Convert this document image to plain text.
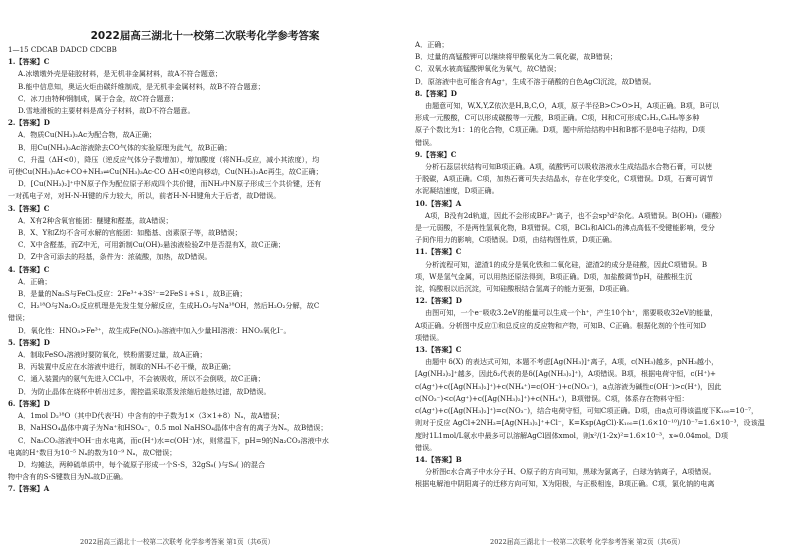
2022届高三湖北十一校第二次联考化学参考答案
1—15 CDCAB DADCD CDCBB
1.【答案】C
A.冰墩墩外壳是硅胶材料，是无机非金属材料，故A不符合题意；
B.能中信息知，奥运火炬由碳纤维制成，是无机非金属材料，故B不符合题意；
C．冰刀由特种钢制成，属于合金，故C符合题意；
D.雪地滑板的主要材料是高分子材料，故D不符合题意。
2.【答案】D
A．物质Cu(NH₃)₂Ac为配合物，故A正确；
B．用Cu(NH₃)₂Ac溶液除去CO气体的实验原理为此气，故B正确；
C．升温（ΔH<0），降压（逆反应气体分子数增加），增加酸度（将NH₃反应，减小其浓度），均
可使Cu(NH₃)₂Ac+CO+NH₃⇌Cu(NH₃)₃Ac·CO ΔH<0逆向移动，Cu(NH₃)₂Ac再生，故C正确；
D．[Cu(NH₃)₂]⁺中N原子作为配位原子形成四个共价键，而NH₃中N原子形成三个共价键，还有
一对孤电子对，对H-N-H键的斥力较大，所以，前者H-N-H键角大于后者，故D错误。
3.【答案】C
A．X有2种含氧官能团：醚键和醛基，故A错误；
B．X、Y和Z均不含可水解的官能团：如酯基、卤素原子等，故B错误；
C．X中含醛基，而Z中无，可用新制Cu(OH)₂悬浊液检验Z中是否混有X，故C正确；
D．Z中含可添去的羟基，条件为：浓硫酸，加热，故D错误。
4.【答案】C
A．正确；
B．是量的Na₂S与FeCl₃反应：2Fe³⁺+3S²⁻=2FeS↓+S↓，故B正确；
C．H₂¹⁸O与Na₂O₂反应机理是先发生复分解反应，生成H₂O₂与Na¹⁸OH，然后H₂O₂分解，故C
错误；
D．氧化性：HNO₃>Fe³⁺，故生成Fe(NO₃)₃溶液中加入少量HI溶液：HNO₃氧化I⁻。
5.【答案】D
A．制取FeSO₄溶液时要防氧化，铁粉需要过量，故A正确；
B．丙装置中反应在水溶液中进行，制取的NH₃不必干燥，故B正确；
C．通入装置内的氨气先进入CCl₄中，不会被吸收，所以不会倒吸，故C正确；
D．为防止晶体在烧杯中析出过多，需控温采取蒸发浓缩后趁热过滤，故D错误。
6.【答案】D
A．1mol D₂¹⁸O（其中D代表²H）中含有的中子数为1×（3×1+8）Nₐ，故A错误；
B．NaHSO₄晶体中离子为Na⁺和HSO₄⁻，0.5 mol NaHSO₄晶体中含有的离子为Nₐ，故B错误；
C．Na₂CO₃溶液中OH⁻由水电离，而c(H⁺)水=c(OH⁻)水，则常温下，pH=9的Na₂CO₃溶液中水
电离的H⁺数目为10⁻⁵ Nₐ的数为10⁻⁹ Nₐ，故C错误；
D．均摊法，两种硫单质中，每个硫原子形成一个S-S，32gS₈( )与S₆( )的混合
物中含有的S-S键数目为Nₐ故D正确。
7.【答案】A
A．正确；
B．过量的高锰酸钾可以继续将甲酸氧化为二氧化碳，故B错误；
C．双氧水被高锰酸钾氧化为氧气，故C错误；
D．原溶液中也可能含有Ag⁺，生成不溶于硝酸的白色AgCl沉淀，故D错误。
8.【答案】D
由题意可知，W,X,Y,Z依次是H,B,C,O，A项，原子半径B>C>O>H，A项正确。B项，B可以
形成一元酸酸，C可以形成碳酸等一元酸，B项正确。C项，H和C可形成C₂H₂,C₆H₆等多种
原子个数比为1：1的化合物，C项正确。D项，题中所给结构中H和B都不是8电子结构，D项
错误。
9.【答案】C
分析石蕊层状结构可知B项正确。A项，硫酸钙可以吸收溶液水生成结晶水合物石膏，可以使
于脱碳，A项正确。C项，加热石膏可失去结晶水，存在化学变化，C项错误。D项，石膏可调节
水泥凝结速度，D项正确。
10.【答案】A
A项，B没有2d轨道，因此不会形成BF₆³⁻离子，也不会sp³d²杂化。A项错误。B(OH)₃（硼酸）
是一元弱酸，不是两性氢氧化物，B项错误。C项，BCl₃和AlCl₃的沸点高低不受键能影响，受分
子间作用力的影响，C项错误。D项，由结构图性质，D项正确。
11.【答案】C
分析流程可知，滤渣1的成分是氧化铁和二氧化硅，滤渣2的成分是硅酸，因此C项错误。B
项，W是氢气金属，可以用热还原法得到，B项正确。D项，加盐酸调节pH，硅酸根生沉
淀，钨酸根以后沉淀，可知硅酸根结合氢离子的能力更强，D项正确。
12.【答案】D
由图可知，一个e⁻吸收3.2eV的能量可以生成一个h⁺，产生10个h⁺，需要吸收32eV的能量，
A项正确。分析图中反应①和总反应的反应物和产物，可知B、C正确。根据化剂的个性可知D
项错误。
13.【答案】C
由题中 δ(X) 的表达式可知，本题不考虑[Ag(NH₃)]⁺离子，A项，c(NH₃)越多，pNH₃越小，
[Ag(NH₃)₂]⁺越多，因此δ₂代表的是δ([Ag(NH₃)₂]⁺)，A项错误。B项，根据电荷守恒，c(H⁺)+
c(Ag⁺)+c([Ag(NH₃)₂]⁺)+c(NH₄⁺)=c(OH⁻)+c(NO₃⁻)，a点溶液为碱性c(OH⁻)>c(H⁺)，因此
c(NO₃⁻)<c(Ag⁺)+c([Ag(NH₃)₂]⁺)+c(NH₄⁺)，B项错误。C项，体系存在物料守恒：
c(Ag⁺)+c([Ag(NH₃)₂]⁺)=c(NO₃⁻)，结合电荷守恒，可知C项正确。D项，由a点可得该温度下K₁₀₀=10⁻⁷，
则对于反应 AgCl+2NH₃=[Ag(NH₃)₂]⁺+Cl⁻，K=Ksp(AgCl)·K₁₀₀=(1.6×10⁻¹⁰)/10⁻⁷=1.6×10⁻³，设该温
度时1L1mol/L氨水中最多可以溶解AgCl固体xmol，则x²/(1-2x)²=1.6×10⁻³，x≈0.04mol。D项
错误。
14.【答案】B
分析图c水合离子中水分子H、O原子的方向可知，黑球为氯离子，白球为钠离子，A项错误。
根据电解池中阴阳离子的迁移方向可知，X为阳极，与正极相连，B项正确。C项，氯化钠的电离
2022届高三湖北十一校第二次联考 化学参考答案 第1页（共6页）	2022届高三湖北十一校第二次联考 化学参考答案 第2页（共6页）
